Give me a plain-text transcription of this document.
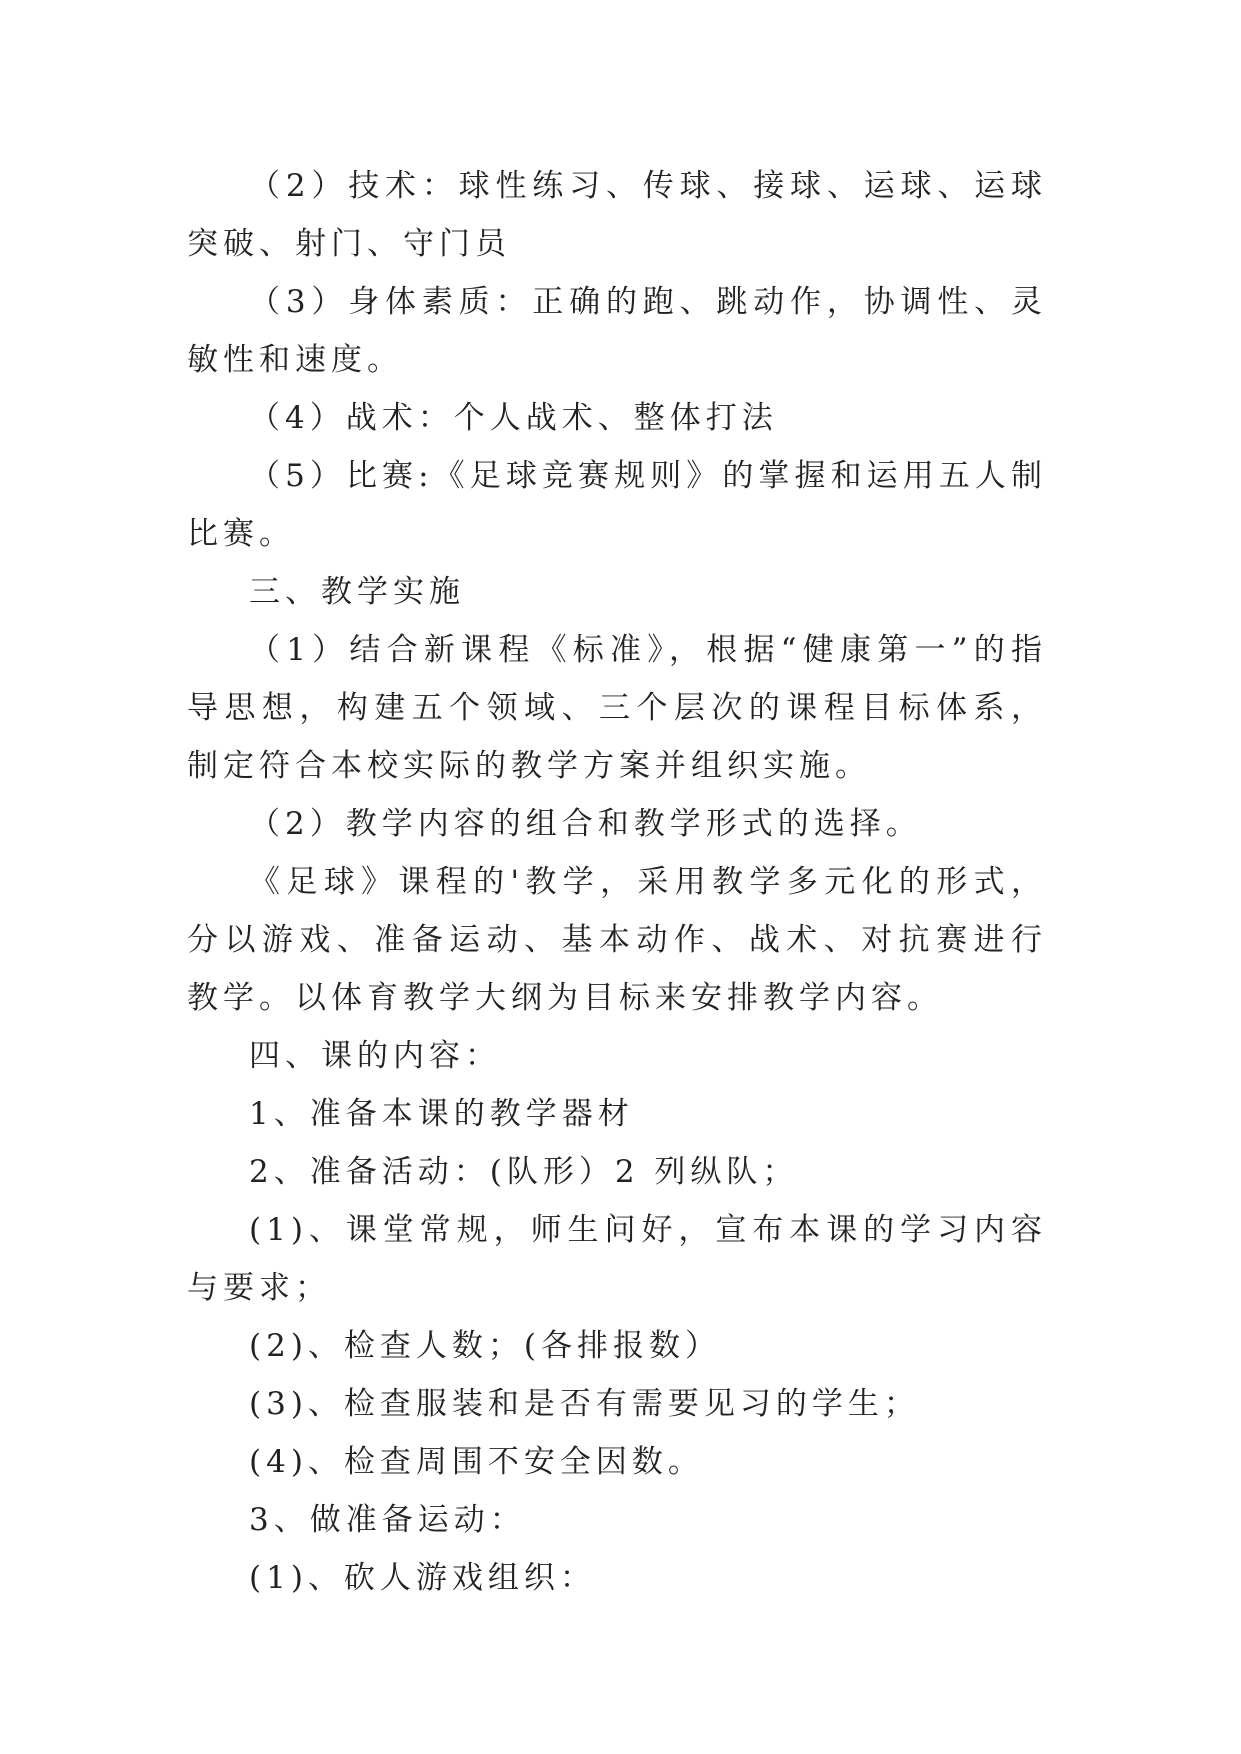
（2）技术：球性练习、传球、接球、运球、运球突破、射门、守门员

（3）身体素质：正确的跑、跳动作，协调性、灵敏性和速度。

（4）战术：个人战术、整体打法

（5）比赛:《足球竞赛规则》的掌握和运用五人制比赛。

三、教学实施

（1）结合新课程《标准》，根据“健康第一”的指导思想，构建五个领域、三个层次的课程目标体系，制定符合本校实际的教学方案并组织实施。

（2）教学内容的组合和教学形式的选择。

《足球》课程的'教学，采用教学多元化的形式，分以游戏、准备运动、基本动作、战术、对抗赛进行教学。以体育教学大纲为目标来安排教学内容。

四、课的内容：

1、准备本课的教学器材

2、准备活动：(队形）2 列纵队；

(1)、课堂常规，师生问好，宣布本课的学习内容与要求；

(2)、检查人数；(各排报数）

(3)、检查服装和是否有需要见习的学生；

(4)、检查周围不安全因数。

3、做准备运动：

(1)、砍人游戏组织：
